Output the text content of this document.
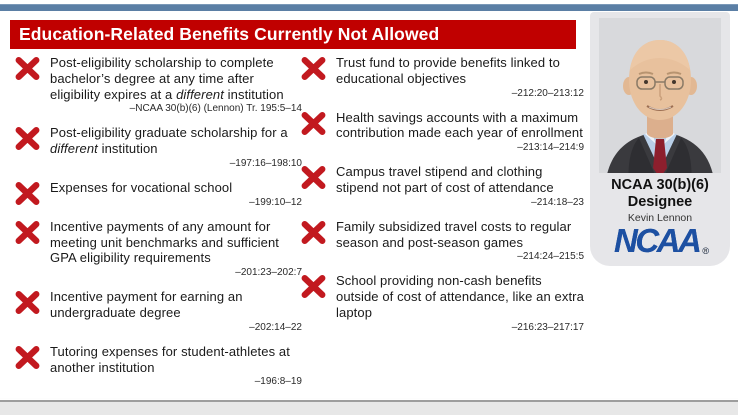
Education-Related Benefits Currently Not Allowed
Post-eligibility scholarship to complete bachelor’s degree at any time after eligibility expires at a different institution
–NCAA 30(b)(6) (Lennon) Tr. 195:5–14
Post-eligibility graduate scholarship for a different institution
–197:16–198:10
Expenses for vocational school
–199:10–12
Incentive payments of any amount for meeting unit benchmarks and sufficient GPA eligibility requirements
–201:23–202:7
Incentive payment for earning an undergraduate degree
–202:14–22
Tutoring expenses for student-athletes at another institution
–196:8–19
Trust fund to provide benefits linked to educational objectives
–212:20–213:12
Health savings accounts with a maximum contribution made each year of enrollment
–213:14–214:9
Campus travel stipend and clothing stipend not part of cost of attendance
–214:18–23
Family subsidized travel costs to regular season and post-season games
–214:24–215:5
School providing non-cash benefits outside of cost of attendance, like an extra laptop
–216:23–217:17
NCAA 30(b)(6)
Designee
Kevin Lennon
NCAA ®
